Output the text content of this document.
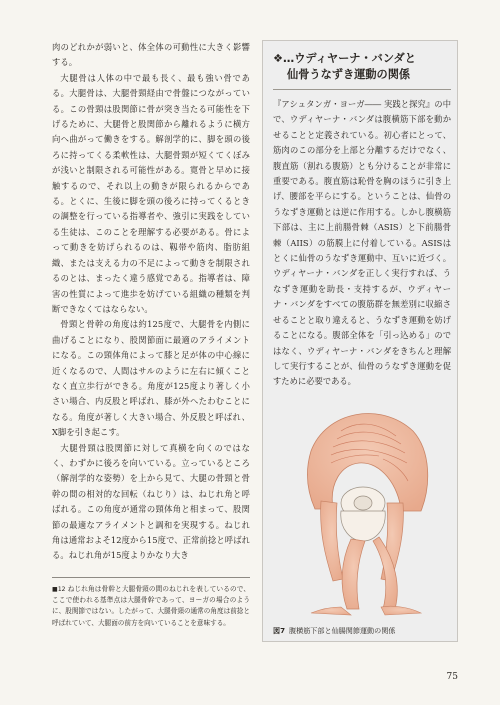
肉のどれかが弱いと、体全体の可動性に大きく影響する。

大腿骨は人体の中で最も長く、最も強い骨である。大腿骨は、大腿骨頸経由で骨盤につながっている。この骨頸は股関節に骨が突き当たる可能性を下げるために、大腿骨と股関節から離れるように横方向へ曲がって働きをする。解剖学的に、脚を頭の後ろに持ってくる柔軟性は、大腿骨頸が短くてくぼみが浅いと制限される可能性がある。寛骨と早めに接触するので、それ以上の動きが限られるからである。とくに、生後に脚を頭の後ろに持ってくるときの調整を行っている指導者や、強引に実践をしている生徒は、このことを理解する必要がある。骨によって動きを妨げられるのは、靱帯や筋肉、脂肪組織、または支える力の不足によって動きを制限されるのとは、まったく違う感覚である。指導者は、障害の性質によって進歩を妨げている組織の種類を判断できなくてはならない。

骨頸と骨幹の角度は約125度で、大腿骨を内側に曲げることになり、股関節面に最適のアライメントになる。この頸体角によって膝と足が体の中心線に近くなるので、人間はサルのように左右に傾くことなく直立歩行ができる。角度が125度より著しく小さい場合、内反股と呼ばれ、膝が外へたわむことになる。角度が著しく大きい場合、外反股と呼ばれ、X脚を引き起こす。

大腿骨頸は股関節に対して真横を向くのではなく、わずかに後ろを向いている。立っているところ（解剖学的な姿勢）を上から見て、大腿の骨頸と骨幹の間の相対的な回転（ねじり）は、ねじれ角と呼ばれる。この角度が通常の頸体角と相まって、股関節の最適なアライメントと調和を実現する。ねじれ角は通常およそ12度から15度で、正常前捻と呼ばれる。ねじれ角が15度よりかなり大き

■12 ねじれ角は骨幹と大腿骨頸の間のねじれを表しているので、ここで使われる基準点は大腿骨幹であって、ヨーガの場合のように、股関節ではない。したがって、大腿骨頸の通常の角度は前捻と呼ばれていて、大腿面の前方を向いていることを意味する。

❖…ウディヤーナ・バンダと
仙骨うなずき運動の関係

『アシュタンガ・ヨーガ―― 実践と探究』の中で、ウディヤーナ・バンダは腹横筋下部を動かせることと定義されている。初心者にとって、筋肉のこの部分を上部と分離するだけでなく、腹直筋（割れる腹筋）とも分けることが非常に重要である。腹直筋は恥骨を胸のほうに引き上げ、腰部を平らにする。ということは、仙骨のうなずき運動とは逆に作用する。しかし腹横筋下部は、主に上前腸骨棘（ASIS）と下前腸骨棘（AIIS）の筋膜上に付着している。ASISはとくに仙骨のうなずき運動中、互いに近づく。ウディヤーナ・バンダを正しく実行すれば、うなずき運動を助長・支持するが、ウディヤーナ・バンダをすべての腹筋群を無差別に収縮させることと取り違えると、うなずき運動を妨げることになる。腹部全体を「引っ込める」のではなく、ウディヤーナ・バンダをきちんと理解して実行することが、仙骨のうなずき運動を促すために必要である。

図7 腹横筋下部と仙腸関節運動の関係
75
